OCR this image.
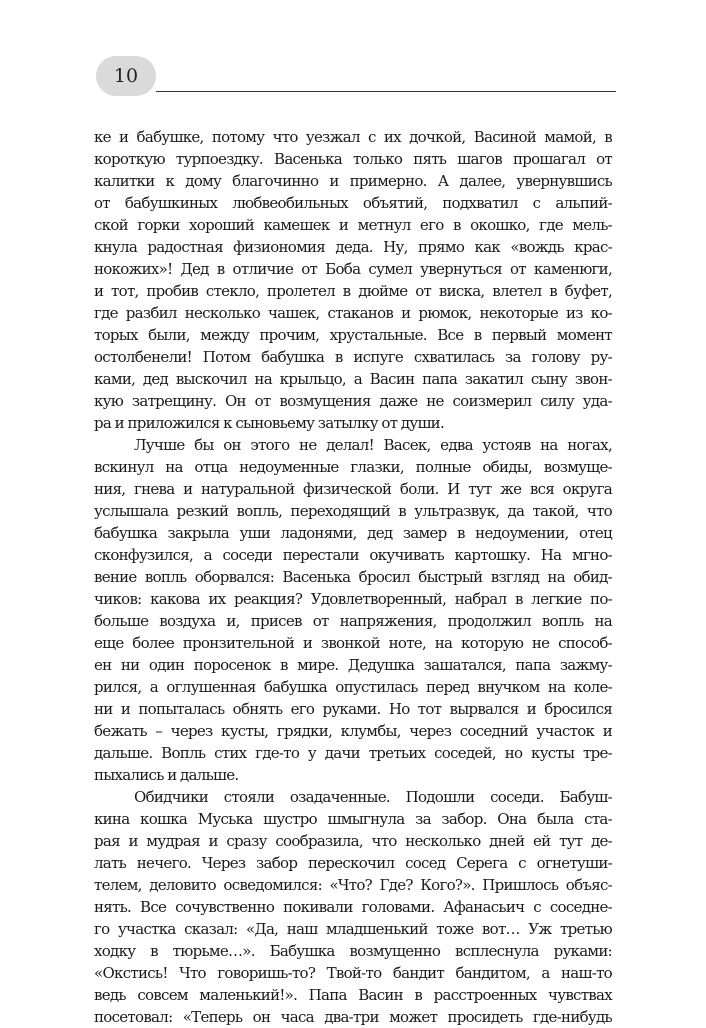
10

ке и бабушке, потому что уезжал с их дочкой, Васиной мамой, в
короткую турпоездку. Васенька только пять шагов прошагал от
калитки к дому благочинно и примерно. А далее, увернувшись
от бабушкиных любвеобильных объятий, подхватил с альпий-
ской горки хороший камешек и метнул его в окошко, где мель-
кнула радостная физиономия деда. Ну, прямо как «вождь крас-
нокожих»! Дед в отличие от Боба сумел увернуться от каменюги,
и тот, пробив стекло, пролетел в дюйме от виска, влетел в буфет,
где разбил несколько чашек, стаканов и рюмок, некоторые из ко-
торых были, между прочим, хрустальные. Все в первый момент
остолбенели! Потом бабушка в испуге схватилась за голову ру-
ками, дед выскочил на крыльцо, а Васин папа закатил сыну звон-
кую затрещину. Он от возмущения даже не соизмерил силу уда-
ра и приложился к сыновьему затылку от души.

Лучше бы он этого не делал! Васек, едва устояв на ногах,
вскинул на отца недоуменные глазки, полные обиды, возмуще-
ния, гнева и натуральной физической боли. И тут же вся округа
услышала резкий вопль, переходящий в ультразвук, да такой, что
бабушка закрыла уши ладонями, дед замер в недоумении, отец
сконфузился, а соседи перестали окучивать картошку. На мгно-
вение вопль оборвался: Васенька бросил быстрый взгляд на обид-
чиков: какова их реакция? Удовлетворенный, набрал в легкие по-
больше воздуха и, присев от напряжения, продолжил вопль на
еще более пронзительной и звонкой ноте, на которую не способ-
ен ни один поросенок в мире. Дедушка зашатался, папа зажму-
рился, а оглушенная бабушка опустилась перед внучком на коле-
ни и попыталась обнять его руками. Но тот вырвался и бросился
бежать – через кусты, грядки, клумбы, через соседний участок и
дальше. Вопль стих где-то у дачи третьих соседей, но кусты тре-
пыхались и дальше.

Обидчики стояли озадаченные. Подошли соседи. Бабуш-
кина кошка Муська шустро шмыгнула за забор. Она была ста-
рая и мудрая и сразу сообразила, что несколько дней ей тут де-
лать нечего. Через забор перескочил сосед Серега с огнетуши-
телем, деловито осведомился: «Что? Где? Кого?». Пришлось объяс-
нять. Все сочувственно покивали головами. Афанасьич с соседне-
го участка сказал: «Да, наш младшенький тоже вот… Уж третью
ходку в тюрьме…». Бабушка возмущенно всплеснула руками:
«Окстись! Что говоришь-то? Твой-то бандит бандитом, а наш-то
ведь совсем маленький!». Папа Васин в расстроенных чувствах
посетовал: «Теперь он часа два-три может просидеть где-нибудь
